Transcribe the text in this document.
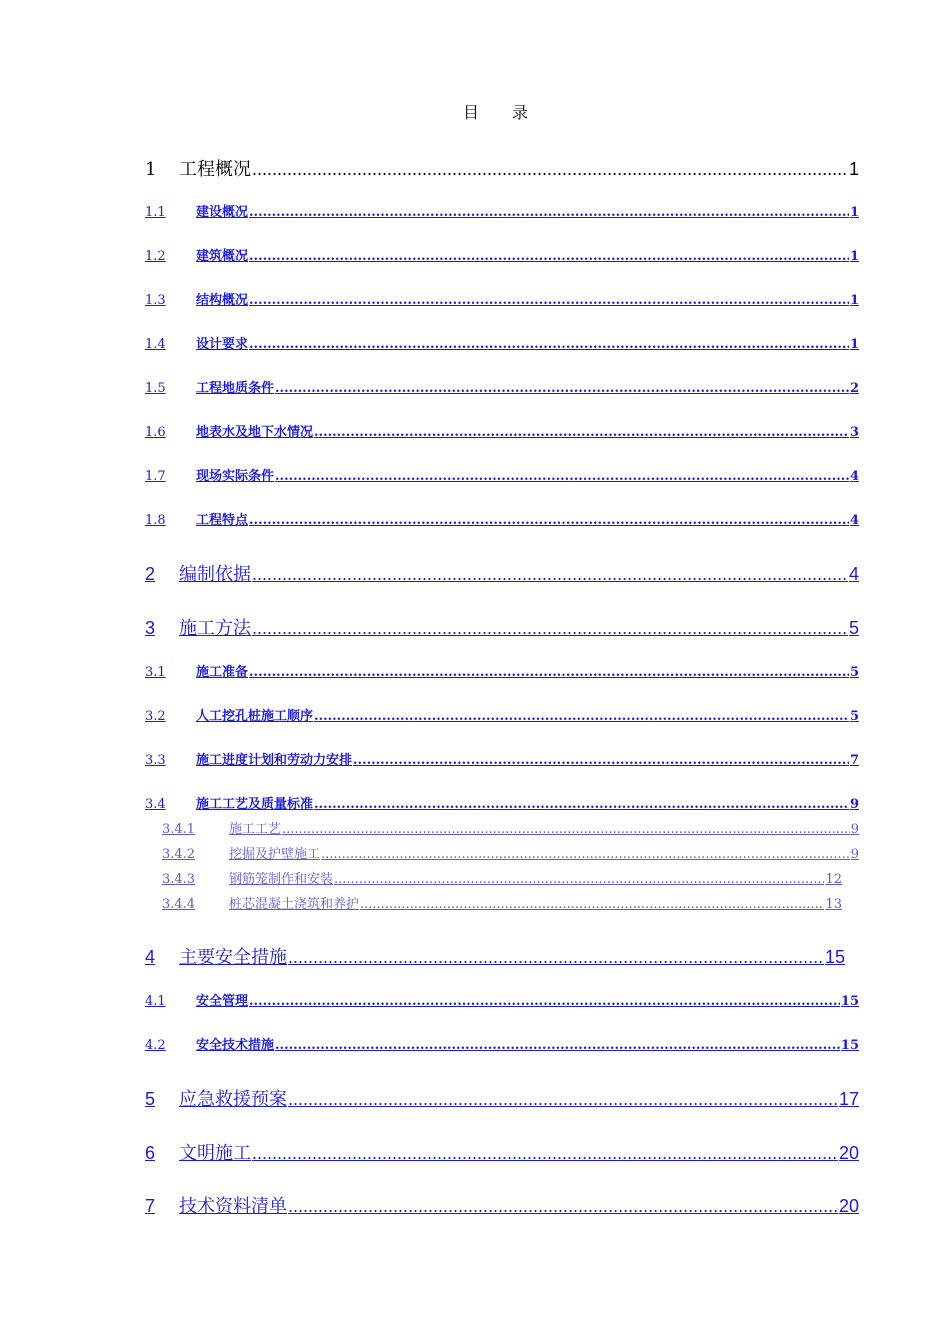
目 录
1	工程概况 .....	1
1.1	建设概况 .....	1
1.2	建筑概况 .....	1
1.3	结构概况 .....	1
1.4	设计要求 .....	1
1.5	工程地质条件 .....	2
1.6	地表水及地下水情况 .....	3
1.7	现场实际条件 .....	4
1.8	工程特点 .....	4
2	编制依据 .....	4
3	施工方法 .....	5
3.1	施工准备 .....	5
3.2	人工挖孔桩施工顺序 .....	5
3.3	施工进度计划和劳动力安排 .....	7
3.4	施工工艺及质量标准 .....	9
3.4.1	施工工艺 .....	9
3.4.2	挖掘及护壁施工 .....	9
3.4.3	钢筋笼制作和安装 .....	12
3.4.4	桩芯混凝土浇筑和养护 .....	13
4	主要安全措施 .....	15
4.1	安全管理 .....	15
4.2	安全技术措施 .....	15
5	应急救援预案 .....	17
6	文明施工 .....	20
7	技术资料清单 .....	20
